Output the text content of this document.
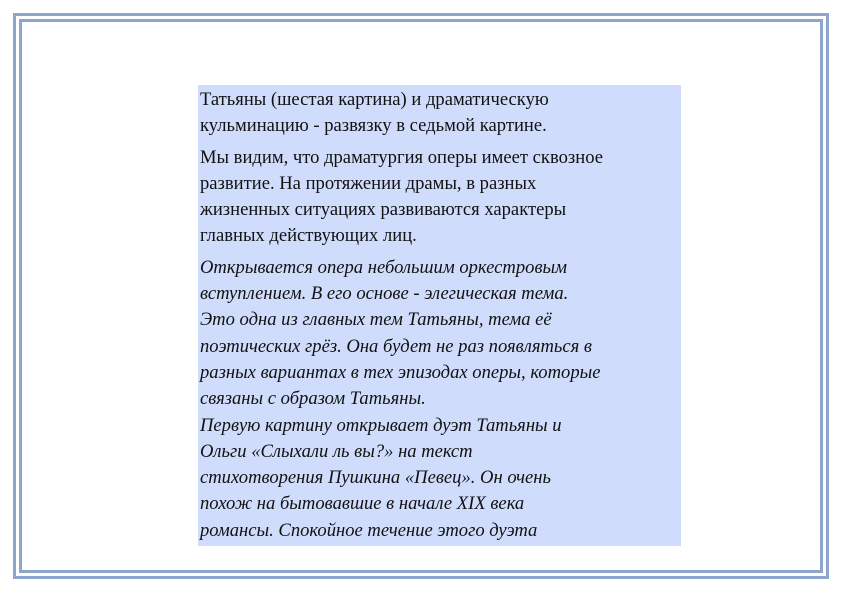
Татьяны (шестая картина) и драматическую
кульминацию - развязку в седьмой картине.

Мы видим, что драматургия оперы имеет сквозное
развитие. На протяжении драмы, в разных
жизненных ситуациях развиваются характеры
главных действующих лиц.

Открывается опера небольшим оркестровым
вступлением. В его основе - элегическая тема.
Это одна из главных тем Татьяны, тема её
поэтических грёз. Она будет не раз появляться в
разных вариантах в тех эпизодах оперы, которые
связаны с образом Татьяны.
Первую картину открывает дуэт Татьяны и
Ольги «Слыхали ль вы?» на текст
стихотворения Пушкина «Певец». Он очень
похож на бытовавшие в начале XIX века
романсы. Спокойное течение этого дуэта
